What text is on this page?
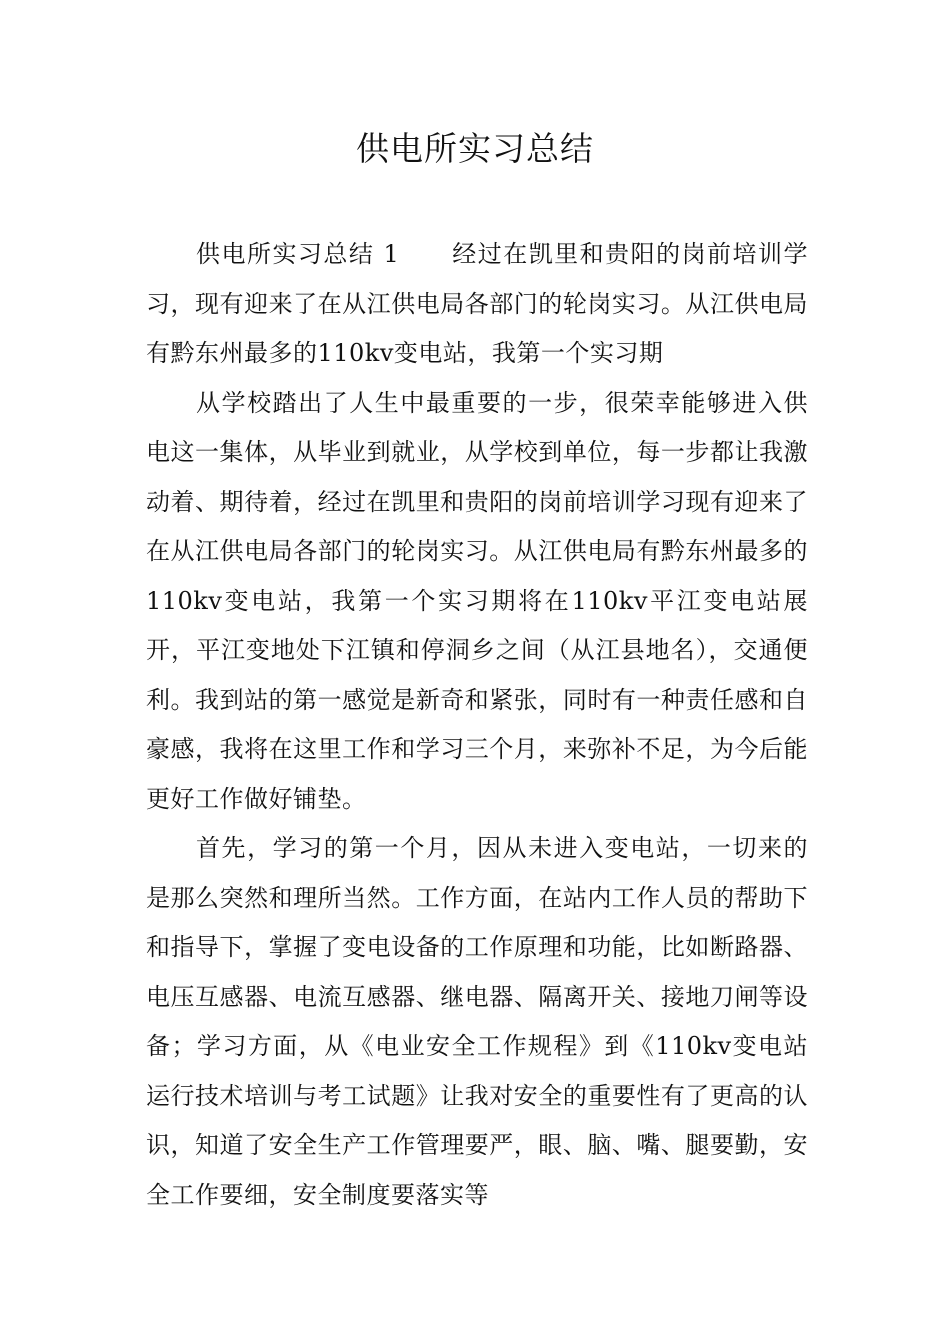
供电所实习总结

供电所实习总结 1 经过在凯里和贵阳的岗前培训学习，现有迎来了在从江供电局各部门的轮岗实习。从江供电局有黔东州最多的110kv变电站，我第一个实习期

从学校踏出了人生中最重要的一步，很荣幸能够进入供电这一集体，从毕业到就业，从学校到单位，每一步都让我激动着、期待着，经过在凯里和贵阳的岗前培训学习现有迎来了在从江供电局各部门的轮岗实习。从江供电局有黔东州最多的110kv变电站，我第一个实习期将在110kv平江变电站展开，平江变地处下江镇和停洞乡之间（从江县地名），交通便利。我到站的第一感觉是新奇和紧张，同时有一种责任感和自豪感，我将在这里工作和学习三个月，来弥补不足，为今后能更好工作做好铺垫。

首先，学习的第一个月，因从未进入变电站，一切来的是那么突然和理所当然。工作方面，在站内工作人员的帮助下和指导下，掌握了变电设备的工作原理和功能，比如断路器、电压互感器、电流互感器、继电器、隔离开关、接地刀闸等设备；学习方面，从《电业安全工作规程》到《110kv变电站运行技术培训与考工试题》让我对安全的重要性有了更高的认识，知道了安全生产工作管理要严，眼、脑、嘴、腿要勤，安全工作要细，安全制度要落实等
